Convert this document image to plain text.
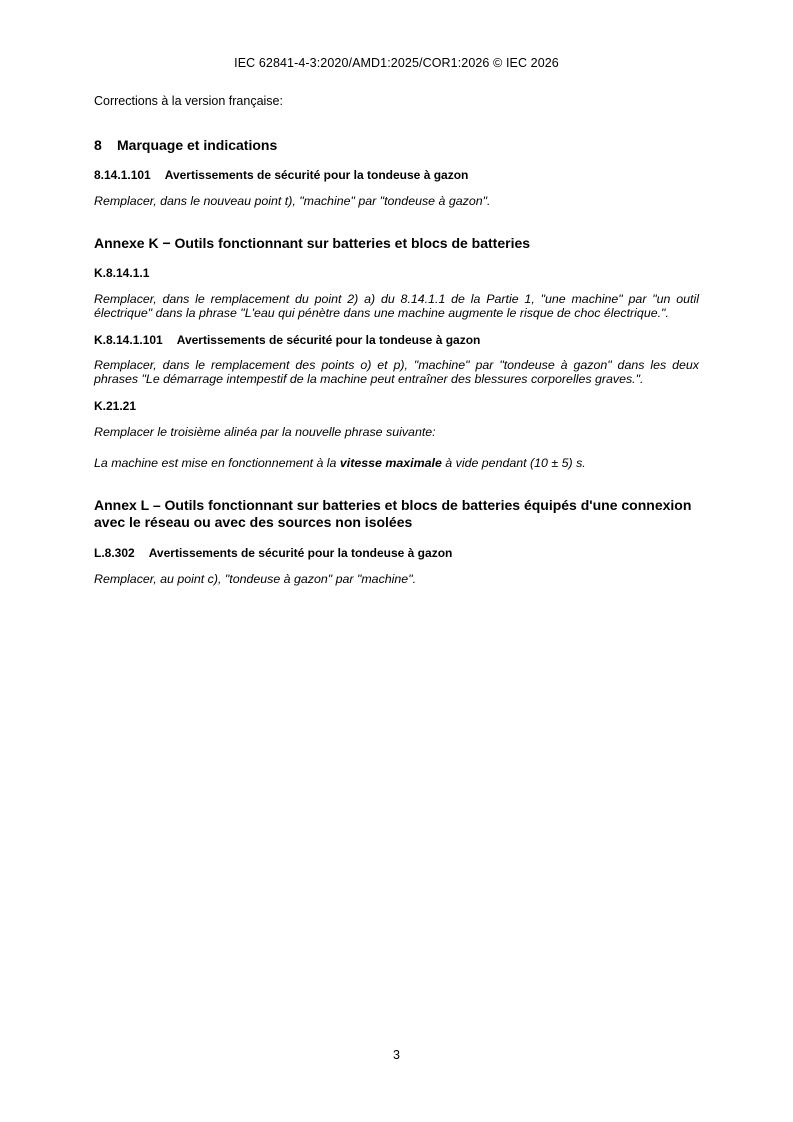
IEC 62841-4-3:2020/AMD1:2025/COR1:2026 © IEC 2026

Corrections à la version française:

8 Marquage et indications
8.14.1.101 Avertissements de sécurité pour la tondeuse à gazon

Remplacer, dans le nouveau point t), "machine" par "tondeuse à gazon".

Annexe K − Outils fonctionnant sur batteries et blocs de batteries
K.8.14.1.1

Remplacer, dans le remplacement du point 2) a) du 8.14.1.1 de la Partie 1, "une machine" par "un outil électrique" dans la phrase "L'eau qui pénètre dans une machine augmente le risque de choc électrique.".

K.8.14.1.101 Avertissements de sécurité pour la tondeuse à gazon

Remplacer, dans le remplacement des points o) et p), "machine" par "tondeuse à gazon" dans les deux phrases "Le démarrage intempestif de la machine peut entraîner des blessures corporelles graves.".

K.21.21

Remplacer le troisième alinéa par la nouvelle phrase suivante:

La machine est mise en fonctionnement à la vitesse maximale à vide pendant (10 ± 5) s.

Annex L – Outils fonctionnant sur batteries et blocs de batteries équipés d'une connexion avec le réseau ou avec des sources non isolées
L.8.302 Avertissements de sécurité pour la tondeuse à gazon

Remplacer, au point c), "tondeuse à gazon" par "machine".

3
